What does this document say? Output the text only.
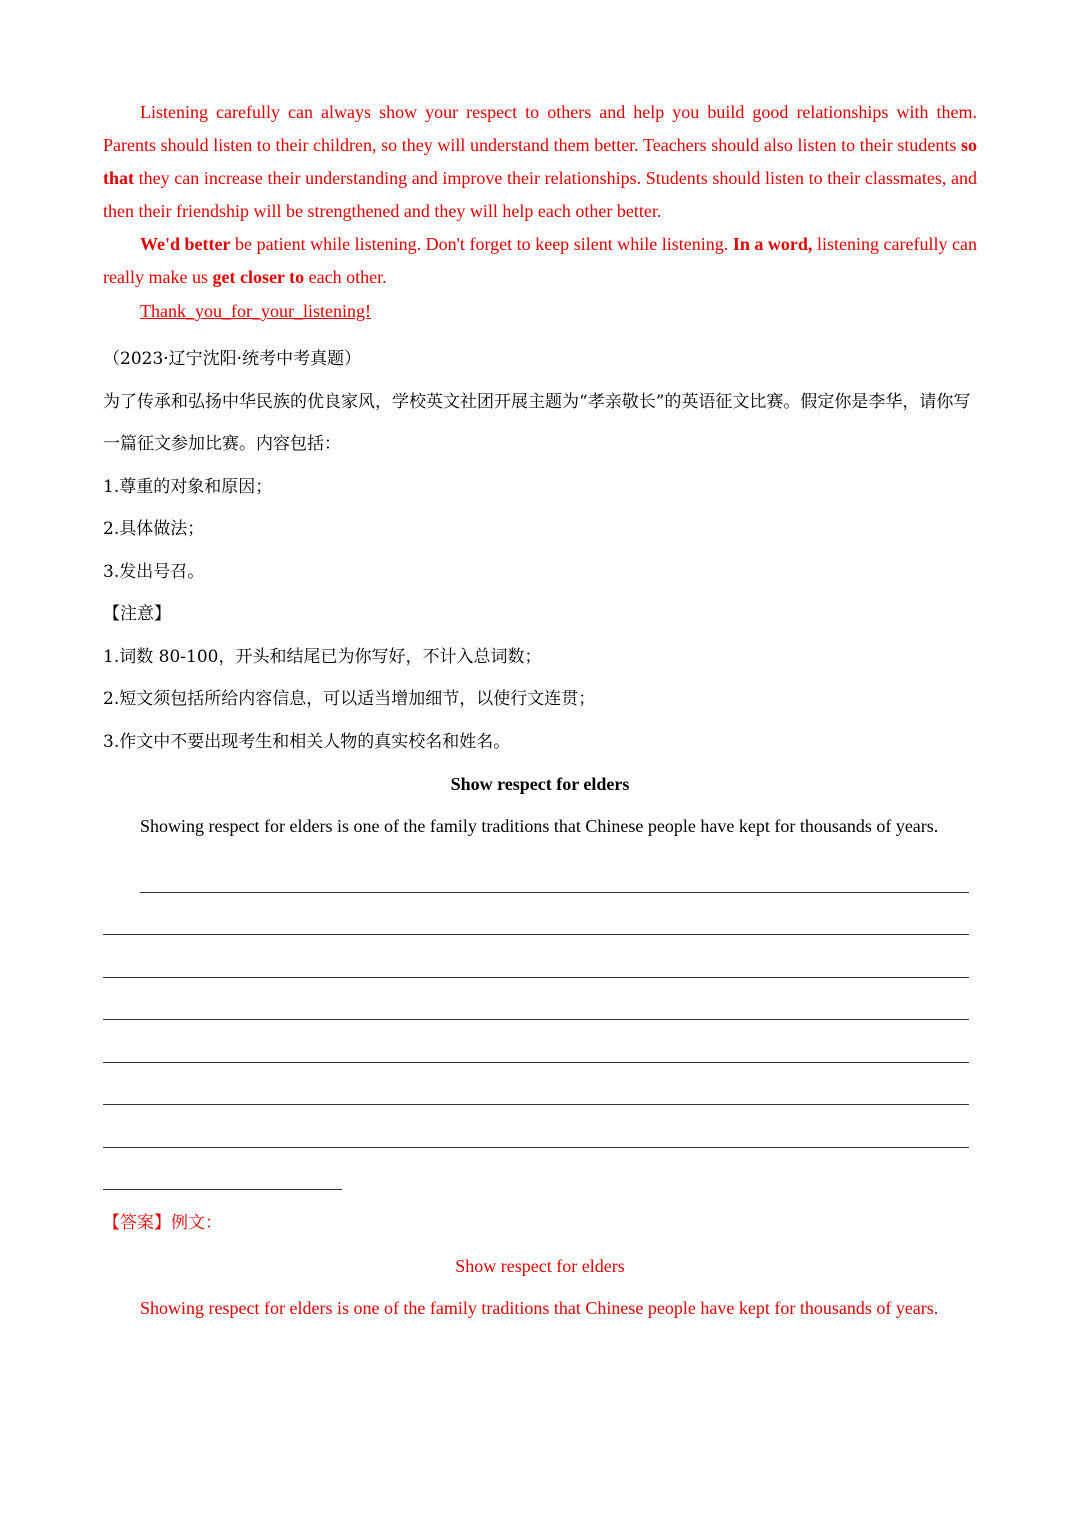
Listening carefully can always show your respect to others and help you build good relationships with them. Parents should listen to their children, so they will understand them better. Teachers should also listen to their students so that they can increase their understanding and improve their relationships. Students should listen to their classmates, and then their friendship will be strengthened and they will help each other better.

We'd better be patient while listening. Don't forget to keep silent while listening. In a word, listening carefully can really make us get closer to each other.

Thank_you_for_your_listening!

（2023·辽宁沈阳·统考中考真题）

为了传承和弘扬中华民族的优良家风，学校英文社团开展主题为“孝亲敬长”的英语征文比赛。假定你是李华，请你写一篇征文参加比赛。内容包括：

1.尊重的对象和原因；

2.具体做法；

3.发出号召。

【注意】

1.词数 80-100，开头和结尾已为你写好，不计入总词数；

2.短文须包括所给内容信息，可以适当增加细节，以使行文连贯；

3.作文中不要出现考生和相关人物的真实校名和姓名。

Show respect for elders

Showing respect for elders is one of the family traditions that Chinese people have kept for thousands of years.

【答案】例文：

Show respect for elders

Showing respect for elders is one of the family traditions that Chinese people have kept for thousands of years.
